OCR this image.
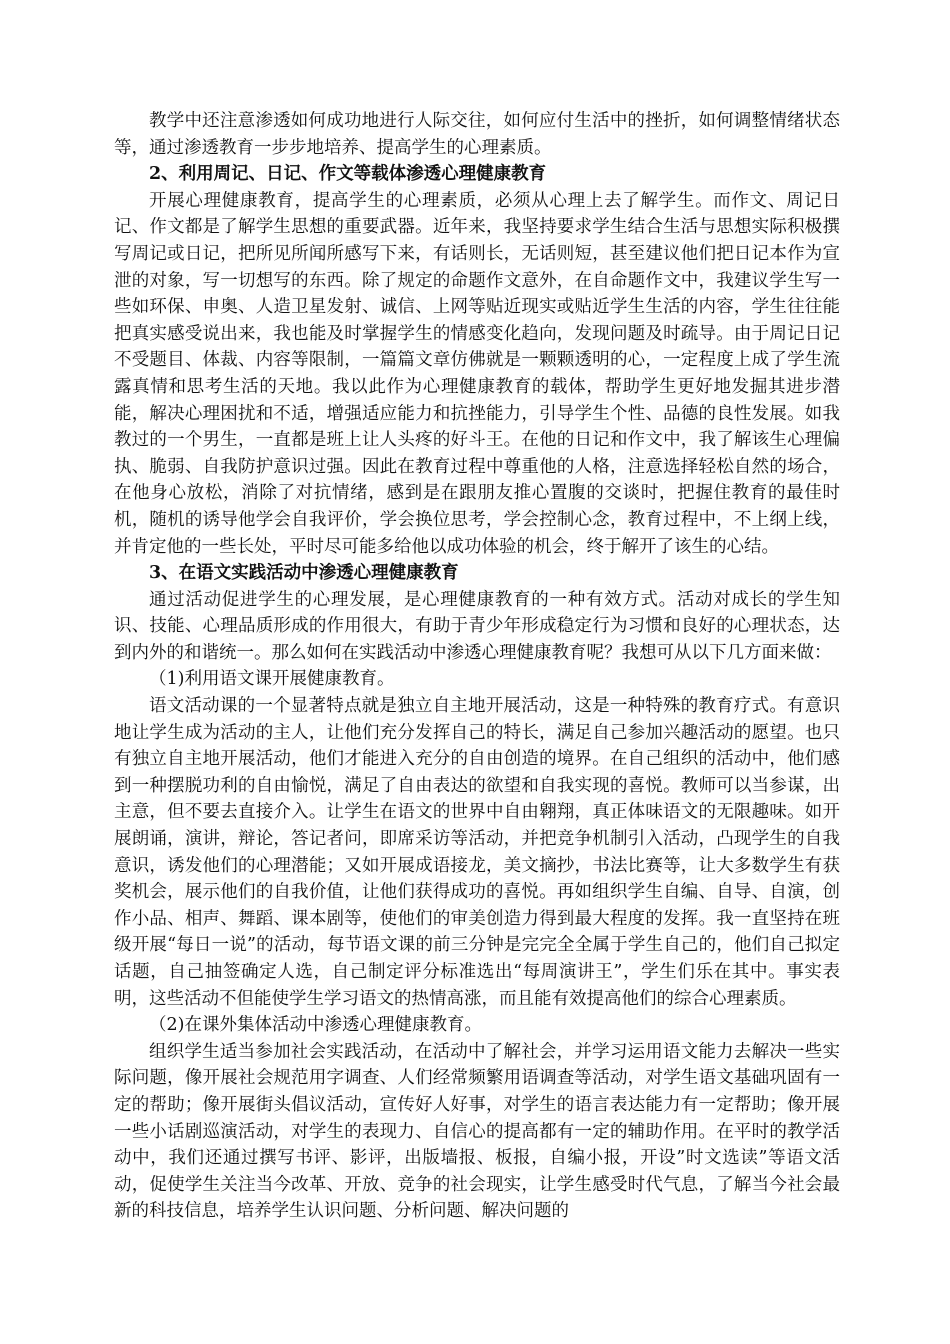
教学中还注意渗透如何成功地进行人际交往，如何应付生活中的挫折，如何调整情绪状态等，通过渗透教育一步步地培养、提高学生的心理素质。

2、利用周记、日记、作文等载体渗透心理健康教育

开展心理健康教育，提高学生的心理素质，必须从心理上去了解学生。而作文、周记日记、作文都是了解学生思想的重要武器。近年来，我坚持要求学生结合生活与思想实际积极撰写周记或日记，把所见所闻所感写下来，有话则长，无话则短，甚至建议他们把日记本作为宣泄的对象，写一切想写的东西。除了规定的命题作文意外，在自命题作文中，我建议学生写一些如环保、申奥、人造卫星发射、诚信、上网等贴近现实或贴近学生生活的内容，学生往往能把真实感受说出来，我也能及时掌握学生的情感变化趋向，发现问题及时疏导。由于周记日记不受题目、体裁、内容等限制，一篇篇文章仿佛就是一颗颗透明的心，一定程度上成了学生流露真情和思考生活的天地。我以此作为心理健康教育的载体，帮助学生更好地发掘其进步潜能，解决心理困扰和不适，增强适应能力和抗挫能力，引导学生个性、品德的良性发展。如我教过的一个男生，一直都是班上让人头疼的好斗王。在他的日记和作文中，我了解该生心理偏执、脆弱、自我防护意识过强。因此在教育过程中尊重他的人格，注意选择轻松自然的场合，在他身心放松，消除了对抗情绪，感到是在跟朋友推心置腹的交谈时，把握住教育的最佳时机，随机的诱导他学会自我评价，学会换位思考，学会控制心念，教育过程中，不上纲上线，并肯定他的一些长处，平时尽可能多给他以成功体验的机会，终于解开了该生的心结。

3、在语文实践活动中渗透心理健康教育

通过活动促进学生的心理发展，是心理健康教育的一种有效方式。活动对成长的学生知识、技能、心理品质形成的作用很大，有助于青少年形成稳定行为习惯和良好的心理状态，达到内外的和谐统一。那么如何在实践活动中渗透心理健康教育呢？我想可从以下几方面来做：

（1)利用语文课开展健康教育。

语文活动课的一个显著特点就是独立自主地开展活动，这是一种特殊的教育疗式。有意识地让学生成为活动的主人，让他们充分发挥自己的特长，满足自己参加兴趣活动的愿望。也只有独立自主地开展活动，他们才能进入充分的自由创造的境界。在自己组织的活动中，他们感到一种摆脱功利的自由愉悦，满足了自由表达的欲望和自我实现的喜悦。教师可以当参谋，出主意，但不要去直接介入。让学生在语文的世界中自由翱翔，真正体味语文的无限趣味。如开展朗诵，演讲，辩论，答记者问，即席采访等活动，并把竞争机制引入活动，凸现学生的自我意识，诱发他们的心理潜能；又如开展成语接龙，美文摘抄，书法比赛等，让大多数学生有获奖机会，展示他们的自我价值，让他们获得成功的喜悦。再如组织学生自编、自导、自演，创作小品、相声、舞蹈、课本剧等，使他们的审美创造力得到最大程度的发挥。我一直坚持在班级开展“每日一说”的活动，每节语文课的前三分钟是完完全全属于学生自己的，他们自己拟定话题，自己抽签确定人选，自己制定评分标准选出“每周演讲王”，学生们乐在其中。事实表明，这些活动不但能使学生学习语文的热情高涨，而且能有效提高他们的综合心理素质。

（2)在课外集体活动中渗透心理健康教育。

组织学生适当参加社会实践活动，在活动中了解社会，并学习运用语文能力去解决一些实际问题，像开展社会规范用字调查、人们经常频繁用语调查等活动，对学生语文基础巩固有一定的帮助；像开展街头倡议活动，宣传好人好事，对学生的语言表达能力有一定帮助；像开展一些小话剧巡演活动，对学生的表现力、自信心的提高都有一定的辅助作用。在平时的教学活动中，我们还通过撰写书评、影评，出版墙报、板报，自编小报，开设”时文选读”等语文活动，促使学生关注当今改革、开放、竞争的社会现实，让学生感受时代气息，了解当今社会最新的科技信息，培养学生认识问题、分析问题、解决问题的
